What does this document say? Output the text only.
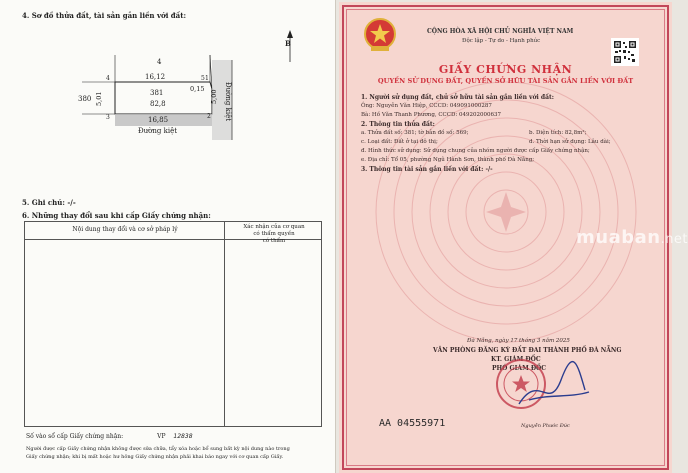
4. Sơ đồ thửa đất, tài sản gắn liền với đất:
B
4
380
16,12
381
82,8
16,85
5,01	5,00
0,15
5 1
2
3
4
Đường kiệt
Đường kiệt
5. Ghi chú: -/-
6. Những thay đổi sau khi cấp Giấy chứng nhận:
Nội dung thay đổi và cơ sở pháp lý	Xác nhận của cơ quan
có thẩm quyền
có thẩm
Số vào sổ cấp Giấy chứng nhận:	VP 12838
Người được cấp Giấy chứng nhận không được sửa chữa, tẩy xóa hoặc bổ sung bất kỳ nội dung nào trong
Giấy chứng nhận; khi bị mất hoặc hư hỏng Giấy chứng nhận phải khai báo ngay với cơ quan cấp Giấy.
CỘNG HÒA XÃ HỘI CHỦ NGHĨA VIỆT NAM
Độc lập - Tự do - Hạnh phúc
GIẤY CHỨNG NHẬN
QUYỀN SỬ DỤNG ĐẤT, QUYỀN SỞ HỮU TÀI SẢN GẮN LIỀN VỚI ĐẤT
1. Người sử dụng đất, chủ sở hữu tài sản gắn liền với đất:
Ông: Nguyễn Văn Hiệp, CCCD: 049091000287
Bà: Hồ Văn Thanh Phương, CCCD: 049202000637
2. Thông tin thửa đất:
a. Thửa đất số: 381; tờ bản đồ số: 569;	b. Diện tích: 82,8m²;
c. Loại đất: Đất ở tại đô thị;	d. Thời hạn sử dụng: Lâu dài;
đ. Hình thức sử dụng: Sử dụng chung của nhóm người được cấp Giấy chứng nhận;
e. Địa chỉ: Tổ 05, phường Ngũ Hành Sơn, thành phố Đà Nẵng;
3. Thông tin tài sản gắn liền với đất: -/-
muaban.net
Đà Nẵng, ngày 17 tháng 3 năm 2025
VĂN PHÒNG ĐĂNG KÝ ĐẤT ĐAI THÀNH PHỐ ĐÀ NẴNG
KT. GIÁM ĐỐC
PHÓ GIÁM ĐỐC
Nguyễn Phước Đức
AA 04555971
